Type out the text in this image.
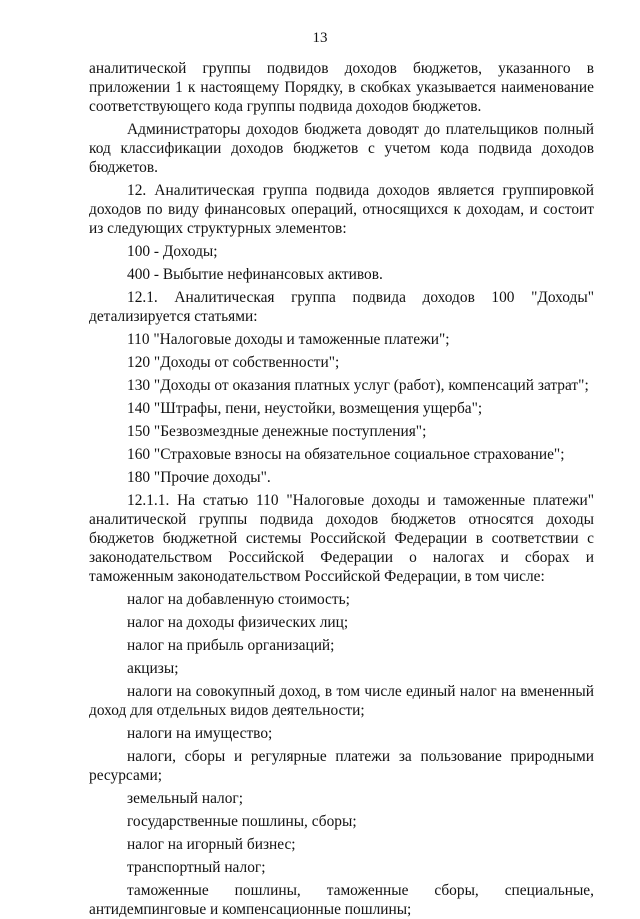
13

аналитической группы подвидов доходов бюджетов, указанного в приложении 1 к настоящему Порядку, в скобках указывается наименование соответствующего кода группы подвида доходов бюджетов.

Администраторы доходов бюджета доводят до плательщиков полный код классификации доходов бюджетов с учетом кода подвида доходов бюджетов.

12. Аналитическая группа подвида доходов является группировкой доходов по виду финансовых операций, относящихся к доходам, и состоит из следующих структурных элементов:

100 - Доходы;

400 - Выбытие нефинансовых активов.

12.1. Аналитическая группа подвида доходов 100 "Доходы" детализируется статьями:

110 "Налоговые доходы и таможенные платежи";

120 "Доходы от собственности";

130 "Доходы от оказания платных услуг (работ), компенсаций затрат";

140 "Штрафы, пени, неустойки, возмещения ущерба";

150 "Безвозмездные денежные поступления";

160 "Страховые взносы на обязательное социальное страхование";

180 "Прочие доходы".

12.1.1. На статью 110 "Налоговые доходы и таможенные платежи" аналитической группы подвида доходов бюджетов относятся доходы бюджетов бюджетной системы Российской Федерации в соответствии с законодательством Российской Федерации о налогах и сборах и таможенным законодательством Российской Федерации, в том числе:

налог на добавленную стоимость;

налог на доходы физических лиц;

налог на прибыль организаций;

акцизы;

налоги на совокупный доход, в том числе единый налог на вмененный доход для отдельных видов деятельности;

налоги на имущество;

налоги, сборы и регулярные платежи за пользование природными ресурсами;

земельный налог;

государственные пошлины, сборы;

налог на игорный бизнес;

транспортный налог;

таможенные пошлины, таможенные сборы, специальные, антидемпинговые и компенсационные пошлины;
